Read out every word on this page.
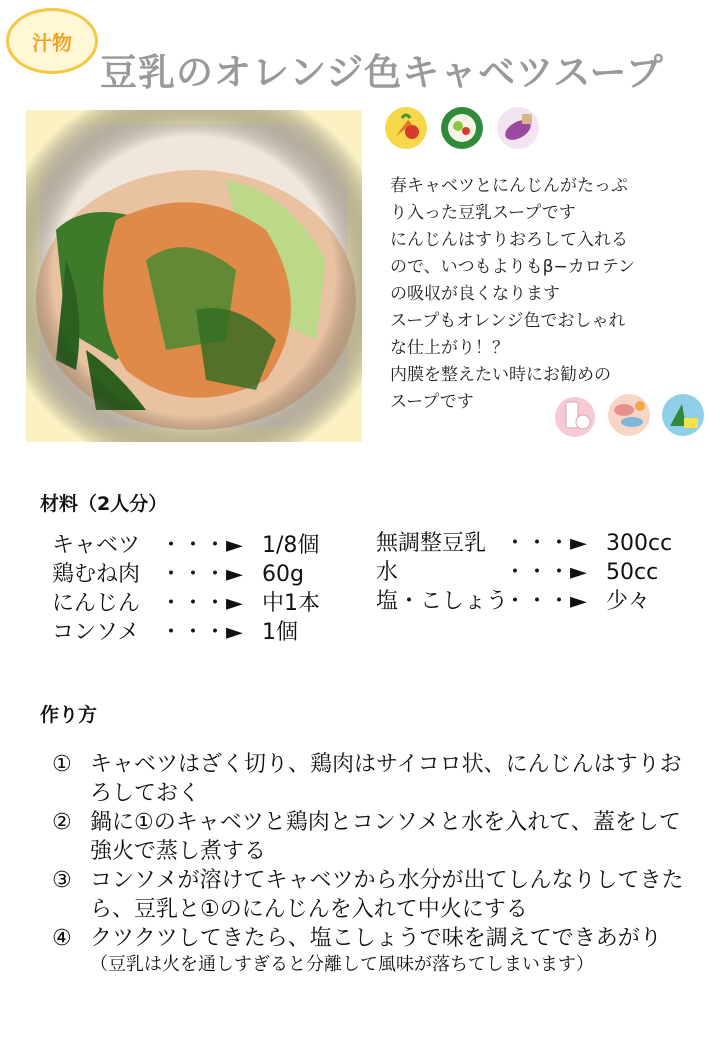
汁物
豆乳のオレンジ色キャベツスープ
春キャベツとにんじんがたっぷ
り入った豆乳スープです
にんじんはすりおろして入れる
ので、いつもよりもβ−カロテン
の吸収が良くなります
スープもオレンジ色でおしゃれ
な仕上がり！？
内膜を整えたい時にお勧めの
スープです
材料（2人分）
キャベツ ・・・► 1/8個
鶏むね肉 ・・・► 60g
にんじん ・・・► 中1本
コンソメ ・・・► 1個
無調整豆乳 ・・・► 300cc
水	・・・► 50cc
塩・こしょう
・・・► 少々
作り方
① キャベツはざく切り、鶏肉はサイコロ状、にんじんはすりおろしておく
② 鍋に①のキャベツと鶏肉とコンソメと水を入れて、蓋をして強火で蒸し煮する
③ コンソメが溶けてキャベツから水分が出てしんなりしてきたら、豆乳と①のにんじんを入れて中火にする
④ クツクツしてきたら、塩こしょうで味を調えてできあがり
（豆乳は火を通しすぎると分離して風味が落ちてしまいます）
